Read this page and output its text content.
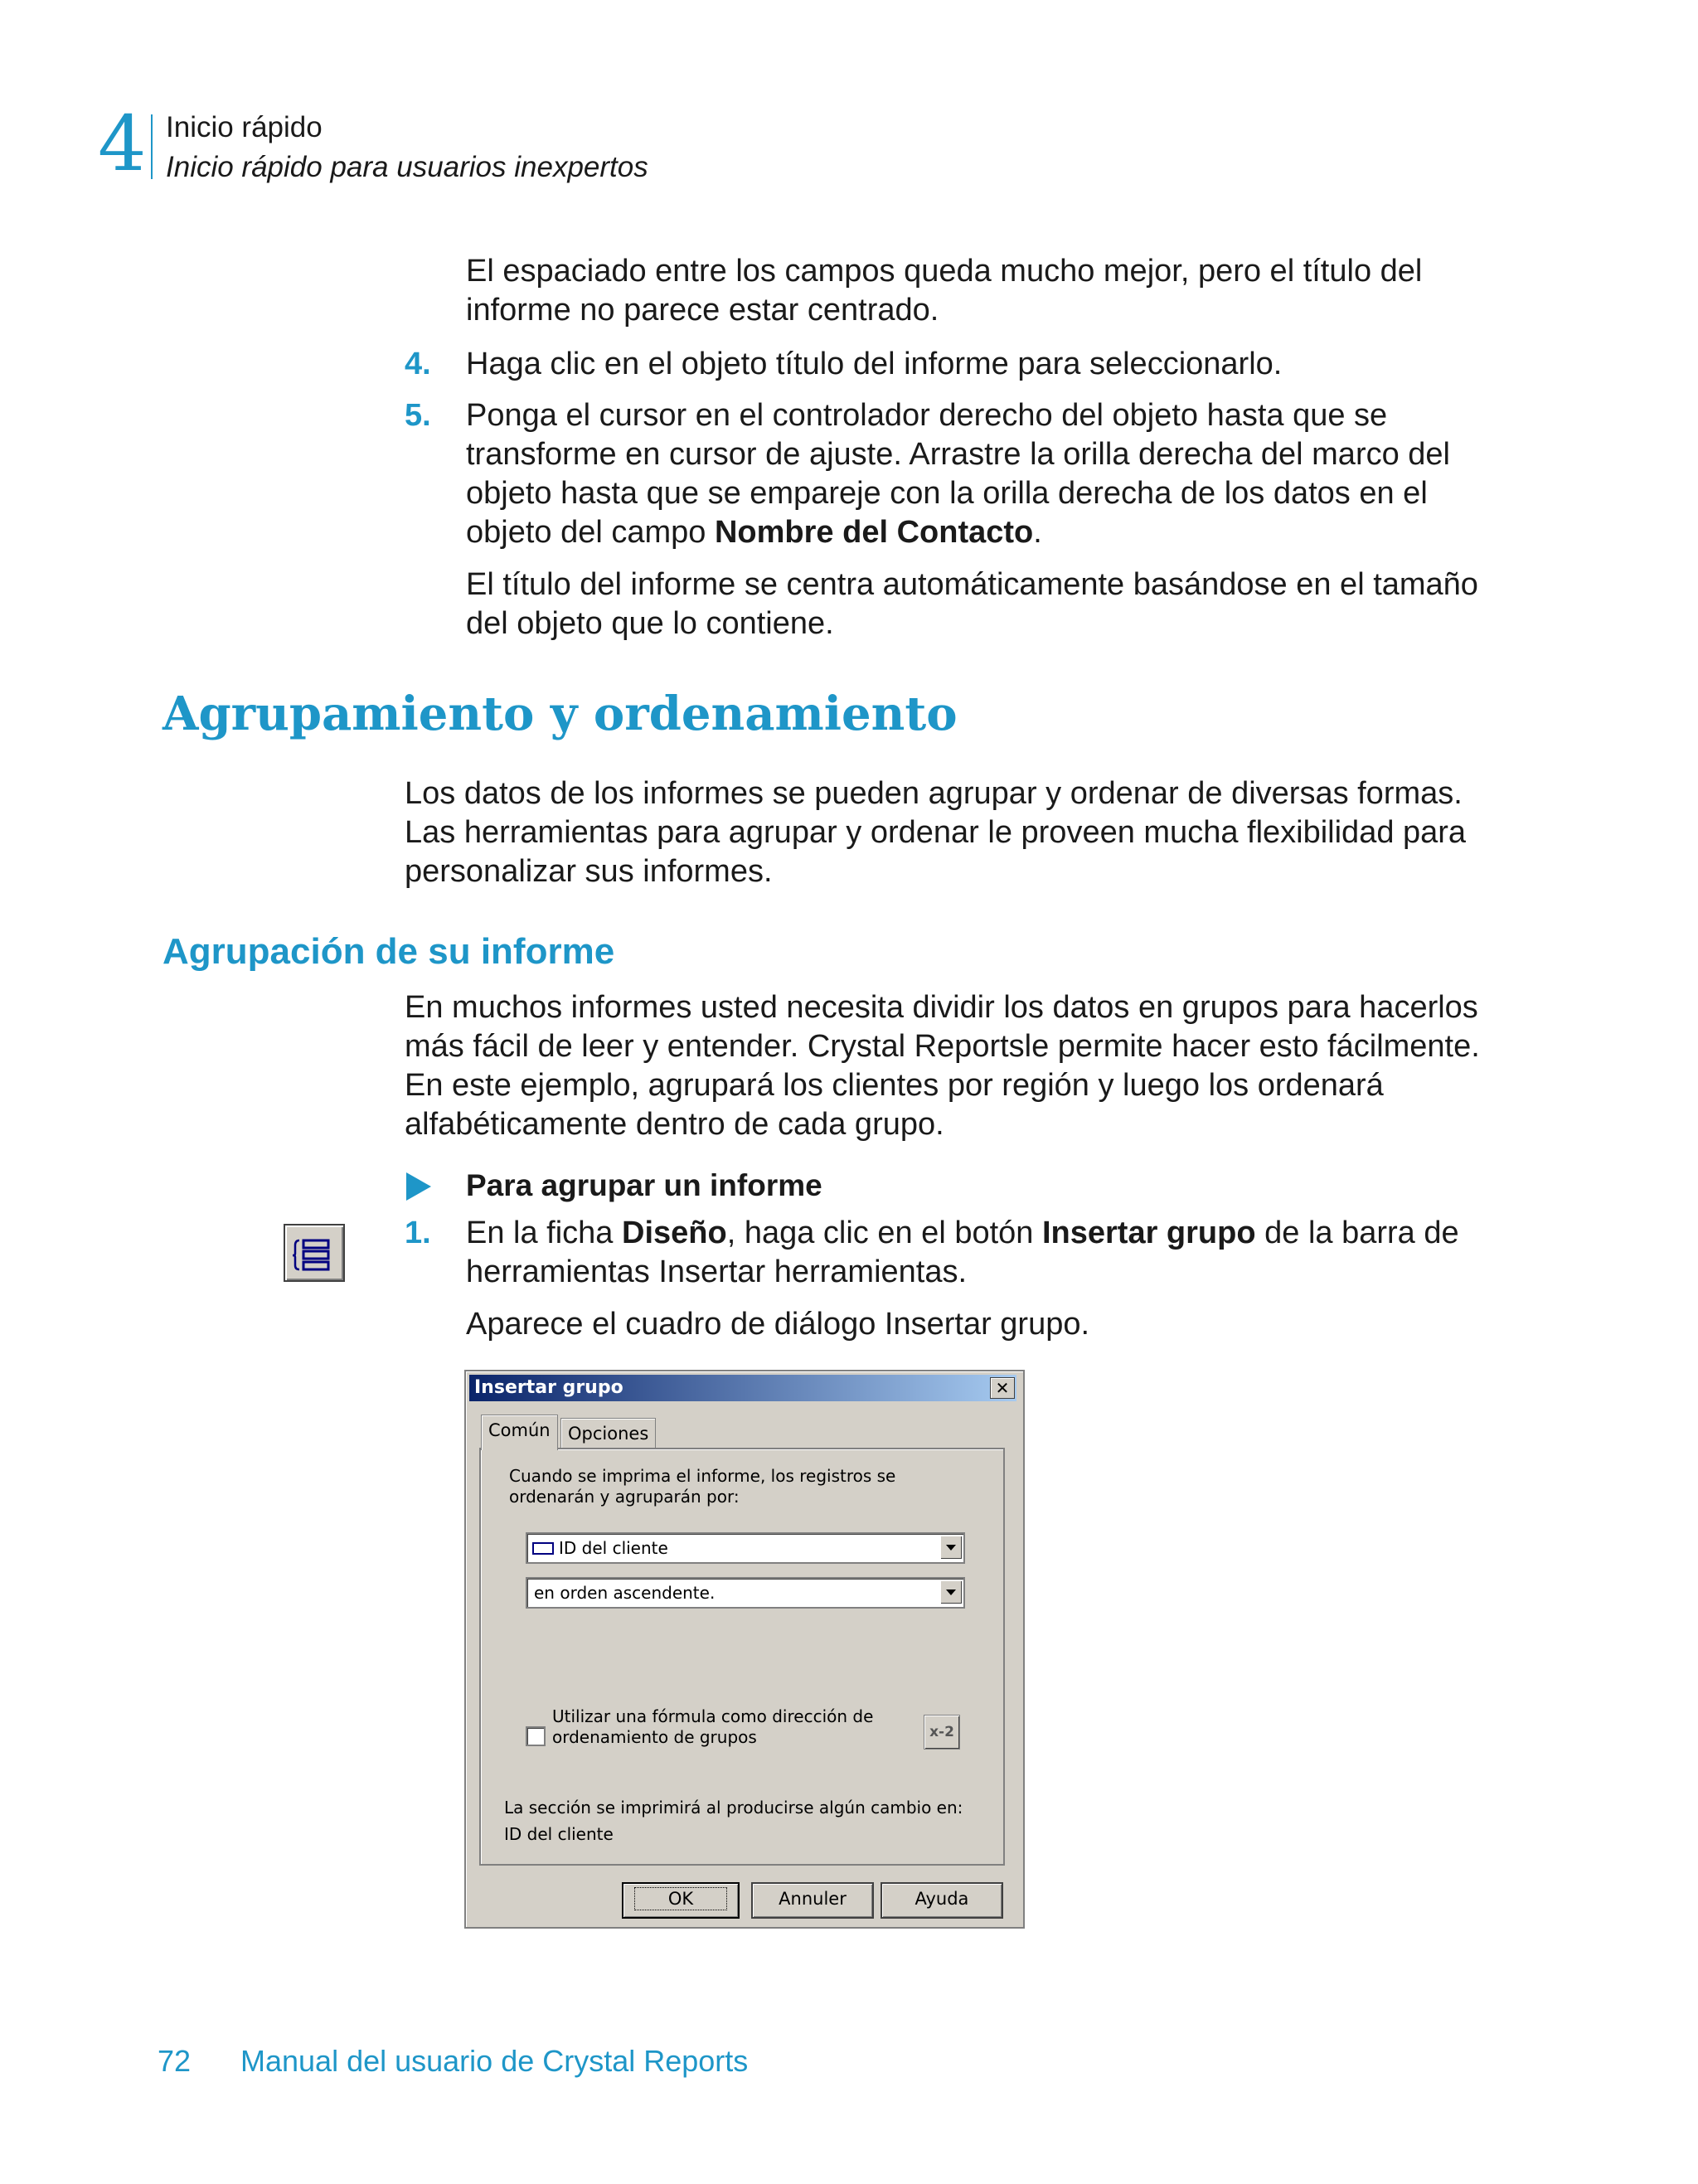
4 Inicio rápido
Inicio rápido para usuarios inexpertos
El espaciado entre los campos queda mucho mejor, pero el título del informe no parece estar centrado.
4. Haga clic en el objeto título del informe para seleccionarlo.
5. Ponga el cursor en el controlador derecho del objeto hasta que se transforme en cursor de ajuste. Arrastre la orilla derecha del marco del objeto hasta que se empareje con la orilla derecha de los datos en el objeto del campo Nombre del Contacto.
El título del informe se centra automáticamente basándose en el tamaño del objeto que lo contiene.
Agrupamiento y ordenamiento
Los datos de los informes se pueden agrupar y ordenar de diversas formas. Las herramientas para agrupar y ordenar le proveen mucha flexibilidad para personalizar sus informes.
Agrupación de su informe
En muchos informes usted necesita dividir los datos en grupos para hacerlos más fácil de leer y entender. Crystal Reportsle permite hacer esto fácilmente. En este ejemplo, agrupará los clientes por región y luego los ordenará alfabéticamente dentro de cada grupo.
Para agrupar un informe
1. En la ficha Diseño, haga clic en el botón Insertar grupo de la barra de herramientas Insertar herramientas.
Aparece el cuadro de diálogo Insertar grupo.
Insertar grupo	✕
Común	Opciones
Cuando se imprima el informe, los registros se ordenarán y agruparán por:
ID del cliente
en orden ascendente.
Utilizar una fórmula como dirección de ordenamiento de grupos	x-2
La sección se imprimirá al producirse algún cambio en:
ID del cliente
OK	Annuler	Ayuda
72 Manual del usuario de Crystal Reports
